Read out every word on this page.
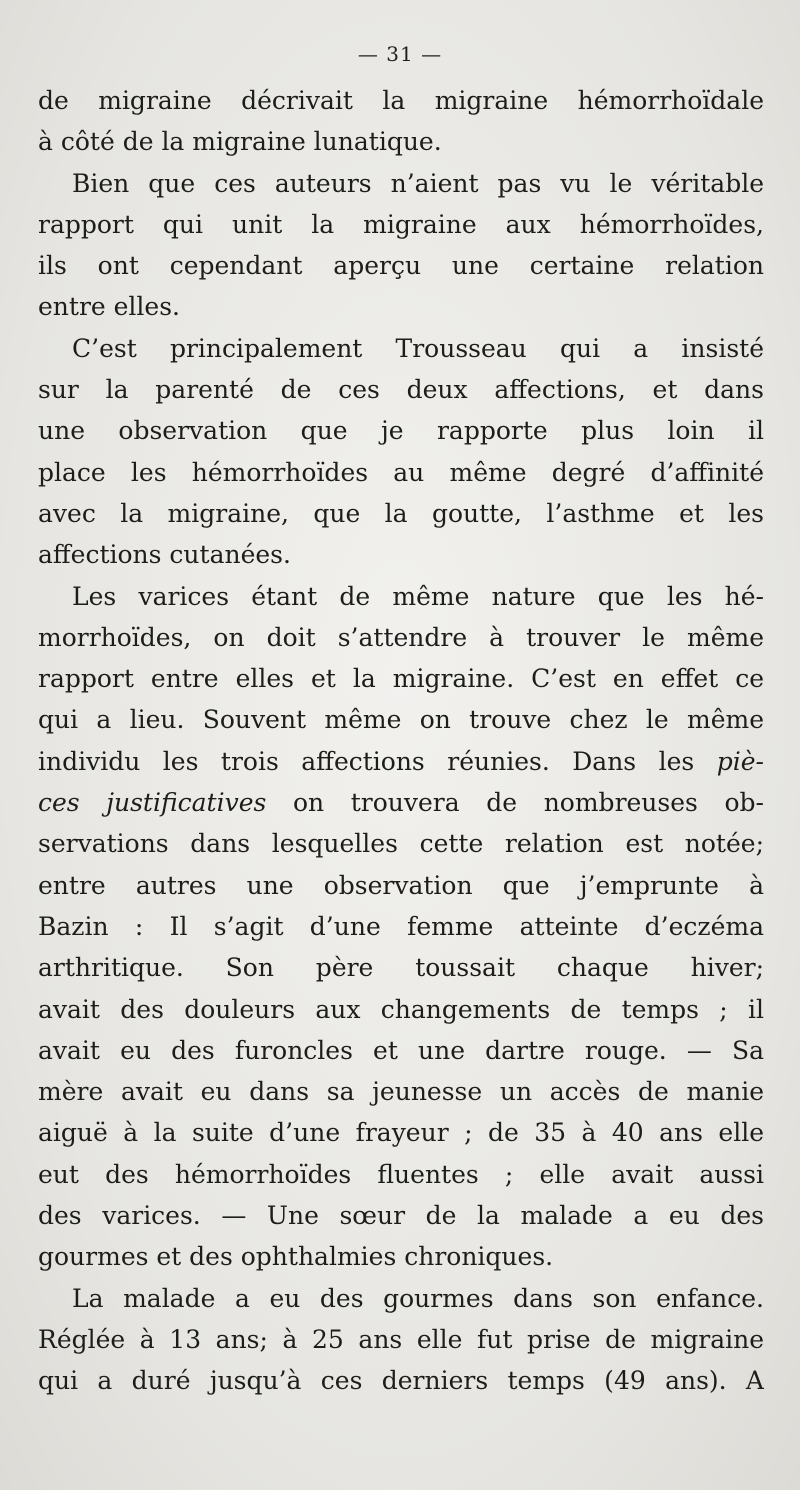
— 31 —
de migraine décrivait la migraine hémorrhoïdale
à côté de la migraine lunatique.
Bien que ces auteurs n’aient pas vu le véritable
rapport qui unit la migraine aux hémorrhoïdes,
ils ont cependant aperçu une certaine relation
entre elles.
C’est principalement Trousseau qui a insisté
sur la parenté de ces deux affections, et dans
une observation que je rapporte plus loin il
place les hémorrhoïdes au même degré d’affinité
avec la migraine, que la goutte, l’asthme et les
affections cutanées.
Les varices étant de même nature que les hé-
morrhoïdes, on doit s’attendre à trouver le même
rapport entre elles et la migraine. C’est en effet ce
qui a lieu. Souvent même on trouve chez le même
individu les trois affections réunies. Dans les piè-
ces justificatives on trouvera de nombreuses ob-
servations dans lesquelles cette relation est notée;
entre autres une observation que j’emprunte à
Bazin : Il s’agit d’une femme atteinte d’eczéma
arthritique. Son père toussait chaque hiver;
avait des douleurs aux changements de temps ; il
avait eu des furoncles et une dartre rouge. — Sa
mère avait eu dans sa jeunesse un accès de manie
aiguë à la suite d’une frayeur ; de 35 à 40 ans elle
eut des hémorrhoïdes fluentes ; elle avait aussi
des varices. — Une sœur de la malade a eu des
gourmes et des ophthalmies chroniques.
La malade a eu des gourmes dans son enfance.
Réglée à 13 ans; à 25 ans elle fut prise de migraine
qui a duré jusqu’à ces derniers temps (49 ans). A
